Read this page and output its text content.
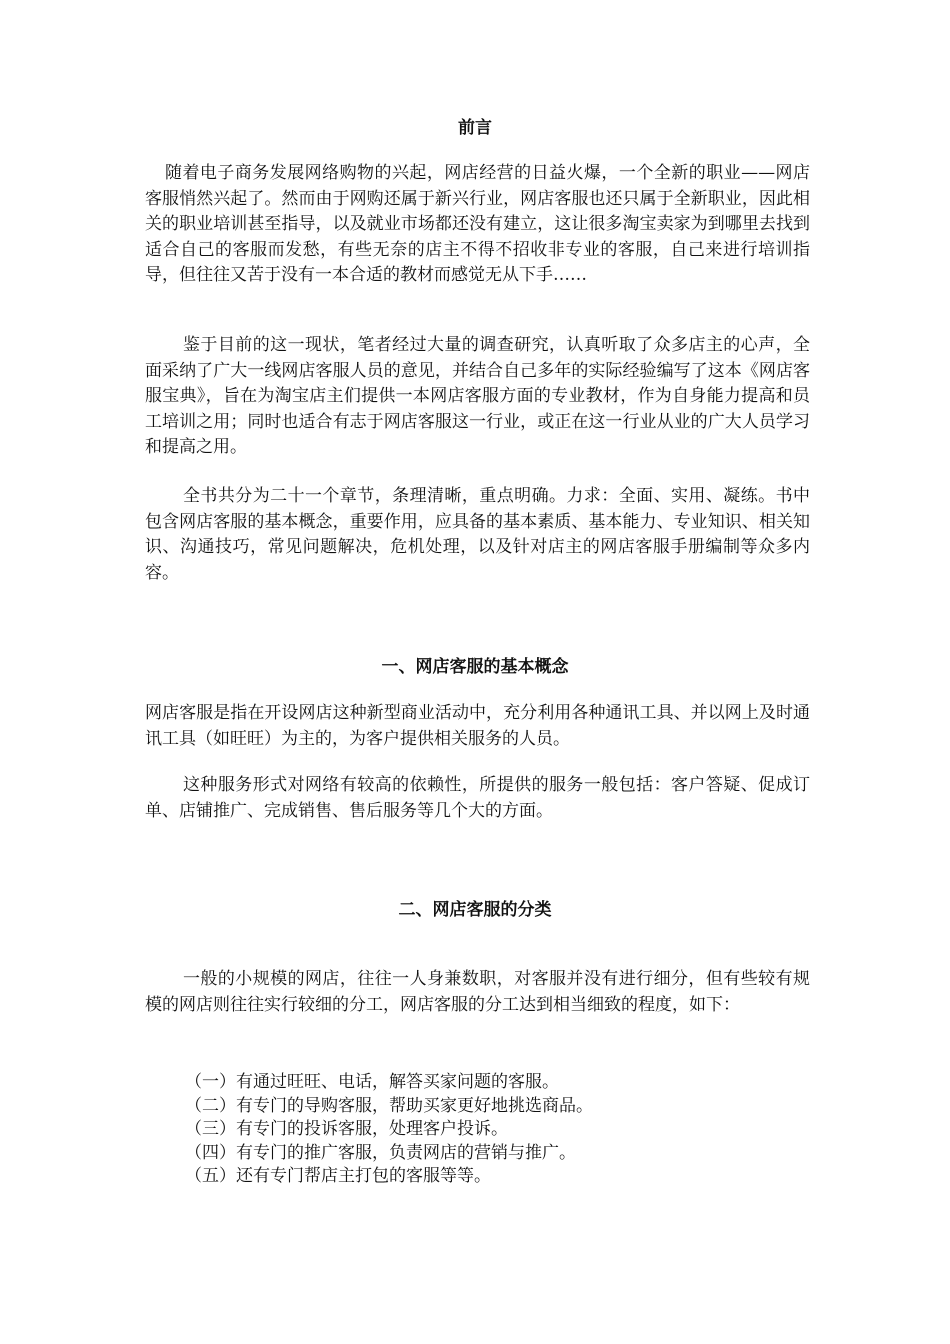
前言

随着电子商务发展网络购物的兴起，网店经营的日益火爆，一个全新的职业——网店客服悄然兴起了。然而由于网购还属于新兴行业，网店客服也还只属于全新职业，因此相关的职业培训甚至指导，以及就业市场都还没有建立，这让很多淘宝卖家为到哪里去找到适合自己的客服而发愁，有些无奈的店主不得不招收非专业的客服，自己来进行培训指导，但往往又苦于没有一本合适的教材而感觉无从下手……

鉴于目前的这一现状，笔者经过大量的调查研究，认真听取了众多店主的心声，全面采纳了广大一线网店客服人员的意见，并结合自己多年的实际经验编写了这本《网店客服宝典》，旨在为淘宝店主们提供一本网店客服方面的专业教材，作为自身能力提高和员工培训之用；同时也适合有志于网店客服这一行业，或正在这一行业从业的广大人员学习和提高之用。

全书共分为二十一个章节，条理清晰，重点明确。力求：全面、实用、凝练。书中包含网店客服的基本概念，重要作用，应具备的基本素质、基本能力、专业知识、相关知识、沟通技巧，常见问题解决，危机处理，以及针对店主的网店客服手册编制等众多内容。

一、网店客服的基本概念

网店客服是指在开设网店这种新型商业活动中，充分利用各种通讯工具、并以网上及时通讯工具（如旺旺）为主的，为客户提供相关服务的人员。

这种服务形式对网络有较高的依赖性，所提供的服务一般包括：客户答疑、促成订单、店铺推广、完成销售、售后服务等几个大的方面。

二、网店客服的分类

一般的小规模的网店，往往一人身兼数职，对客服并没有进行细分，但有些较有规模的网店则往往实行较细的分工，网店客服的分工达到相当细致的程度，如下：

（一）有通过旺旺、电话，解答买家问题的客服。
（二）有专门的导购客服，帮助买家更好地挑选商品。
（三）有专门的投诉客服，处理客户投诉。
（四）有专门的推广客服，负责网店的营销与推广。
（五）还有专门帮店主打包的客服等等。
